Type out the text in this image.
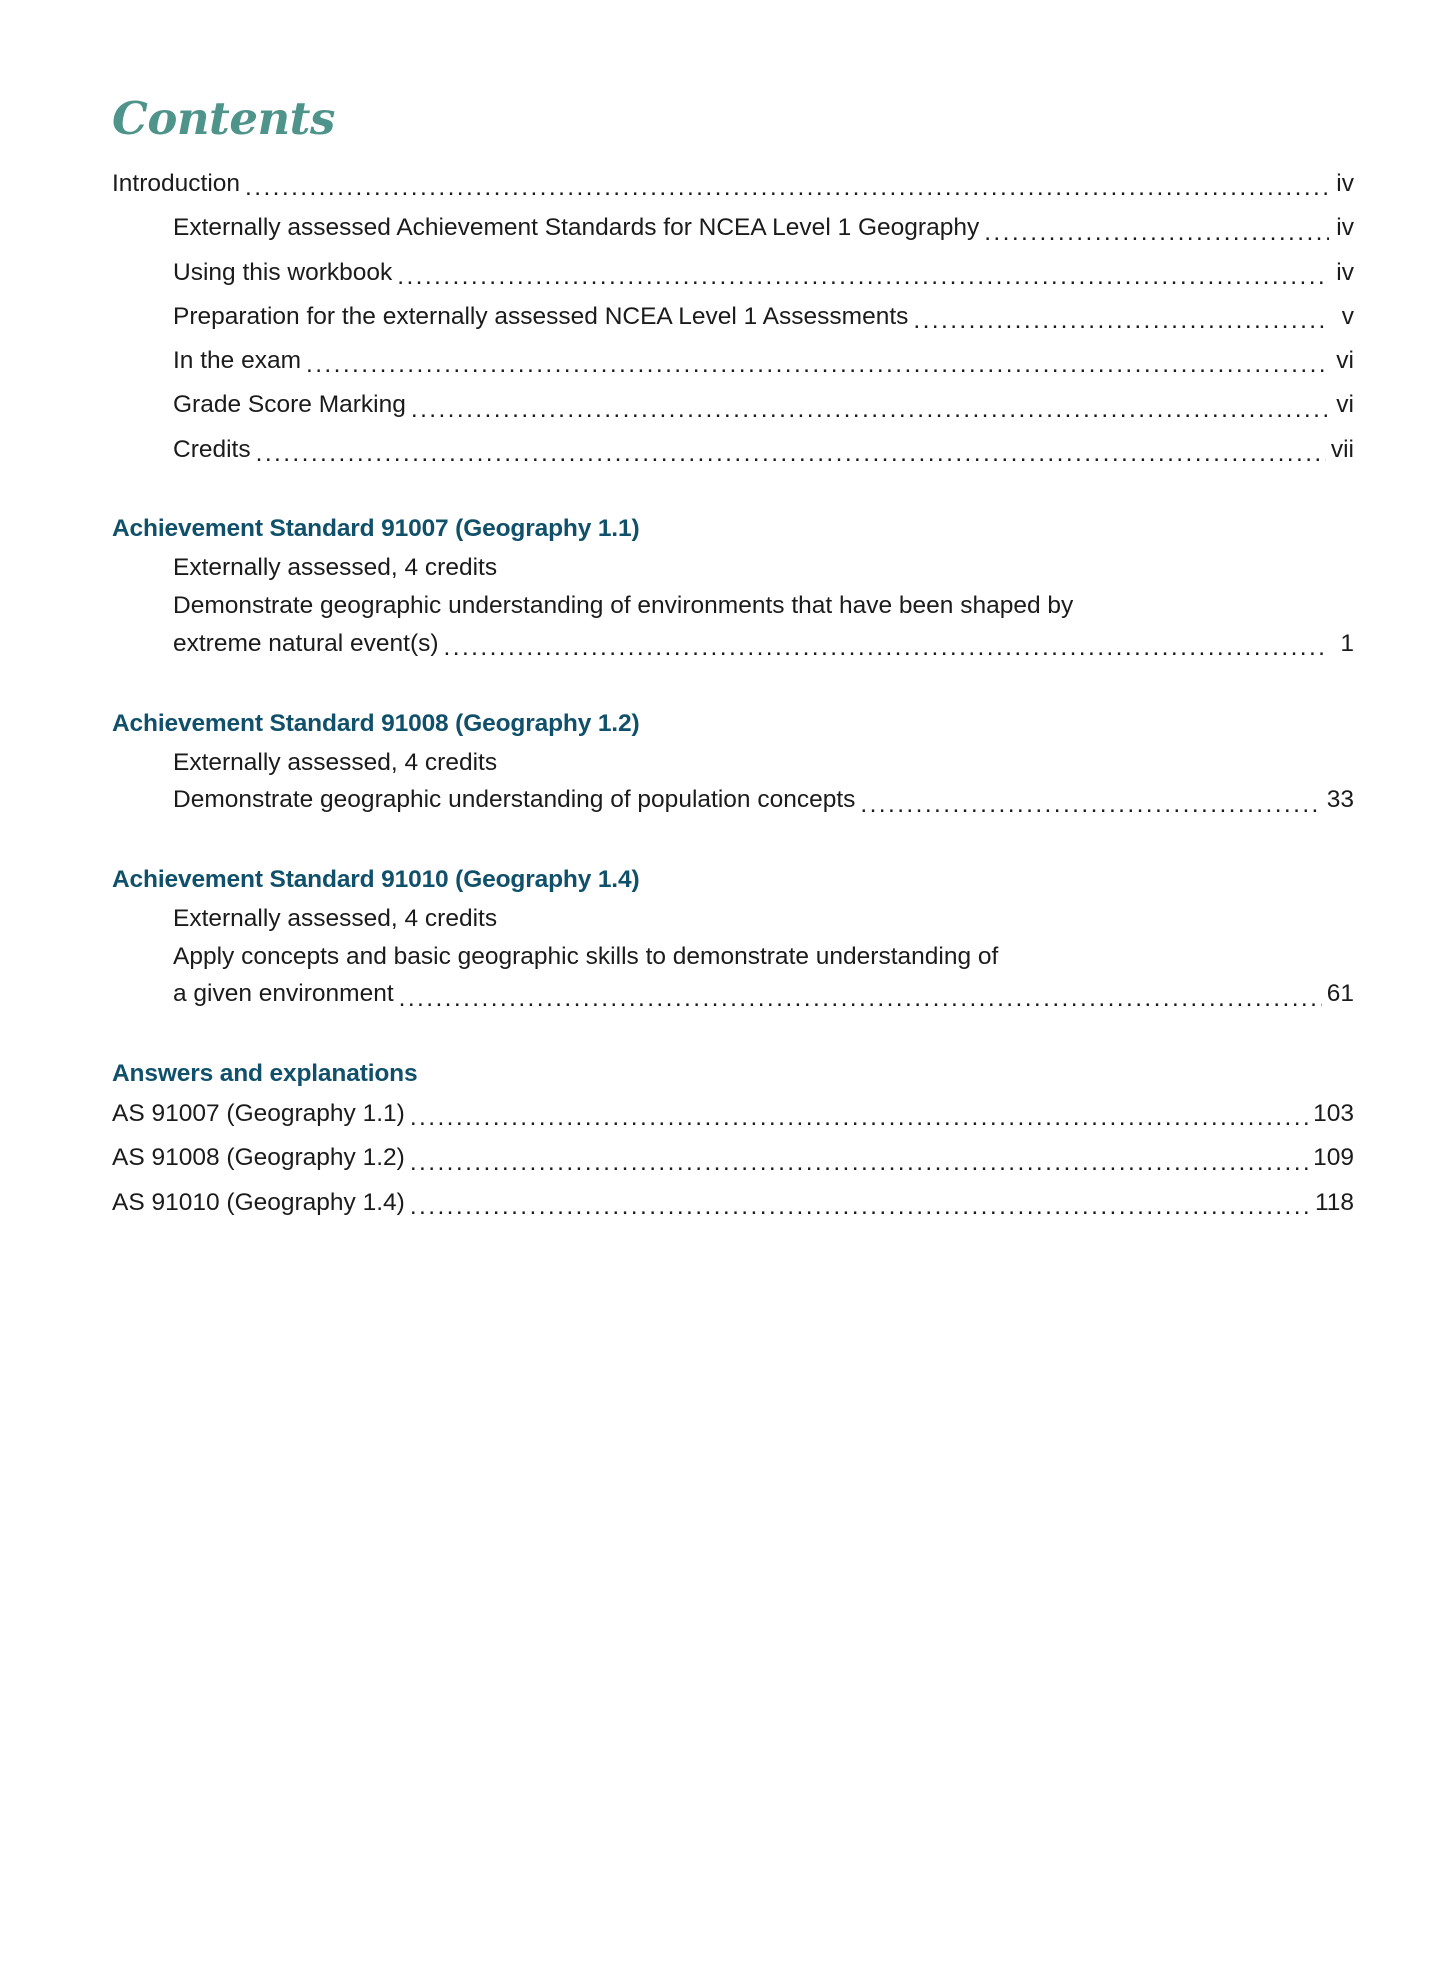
Contents
Introduction .....	iv
Externally assessed Achievement Standards for NCEA Level 1 Geography .....	iv
Using this workbook .....	iv
Preparation for the externally assessed NCEA Level 1 Assessments .....	v
In the exam .....	vi
Grade Score Marking .....	vi
Credits .....	vii
Achievement Standard 91007 (Geography 1.1)
Externally assessed, 4 credits
Demonstrate geographic understanding of environments that have been shaped by
extreme natural event(s) .....	1
Achievement Standard 91008 (Geography 1.2)
Externally assessed, 4 credits
Demonstrate geographic understanding of population concepts .....	33
Achievement Standard 91010 (Geography 1.4)
Externally assessed, 4 credits
Apply concepts and basic geographic skills to demonstrate understanding of
a given environment .....	61
Answers and explanations
AS 91007 (Geography 1.1) .....	103
AS 91008 (Geography 1.2) .....	109
AS 91010 (Geography 1.4) .....	118
